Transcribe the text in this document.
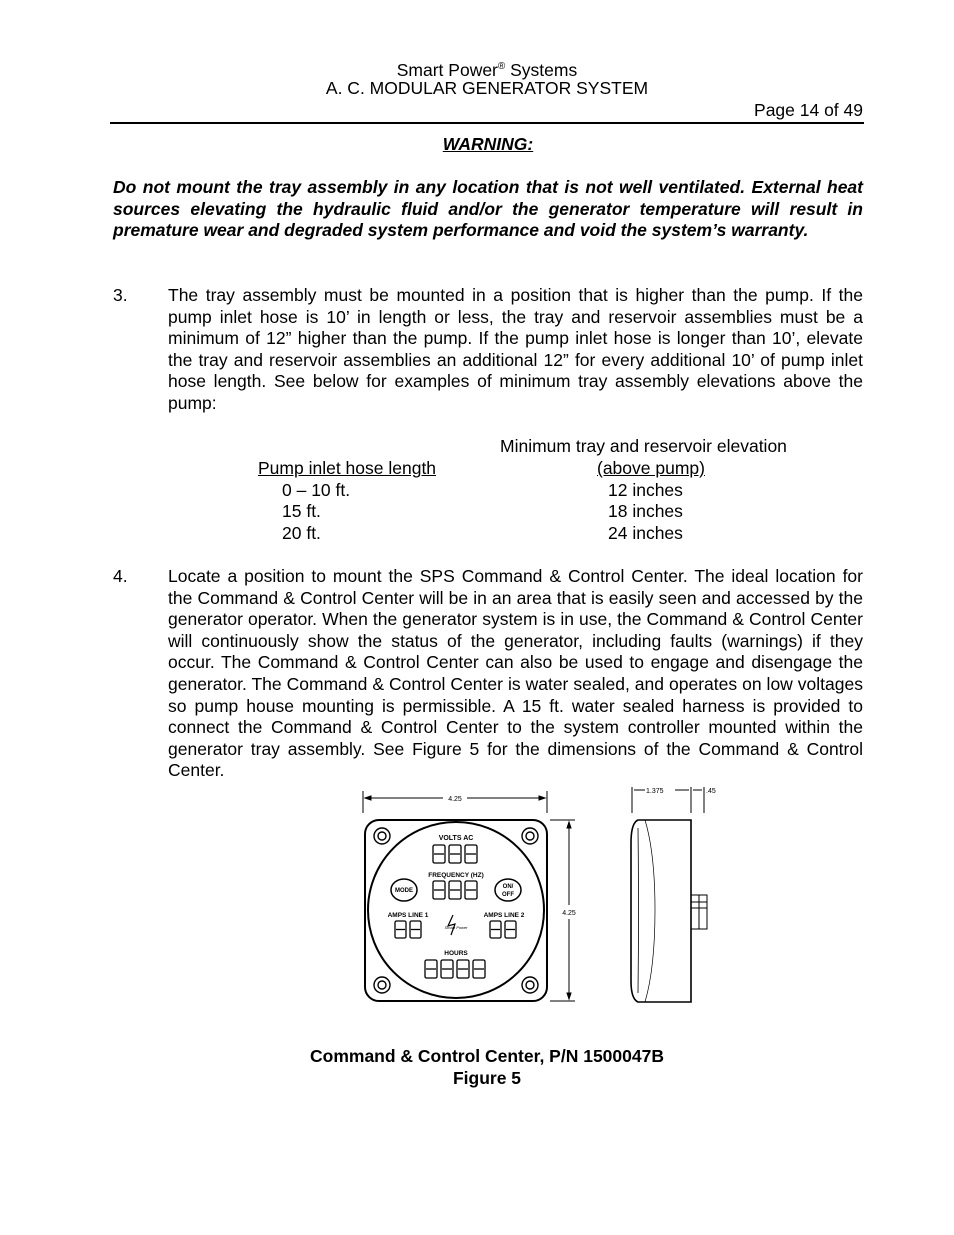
Smart Power® Systems
A. C. MODULAR GENERATOR SYSTEM
Page 14 of 49
WARNING:
Do not mount the tray assembly in any location that is not well ventilated. External heat sources elevating the hydraulic fluid and/or the generator temperature will result in premature wear and degraded system performance and void the system’s warranty.
3. The tray assembly must be mounted in a position that is higher than the pump. If the pump inlet hose is 10’ in length or less, the tray and reservoir assemblies must be a minimum of 12” higher than the pump. If the pump inlet hose is longer than 10’, elevate the tray and reservoir assemblies an additional 12” for every additional 10’ of pump inlet hose length. See below for examples of minimum tray assembly elevations above the pump:
Minimum tray and reservoir elevation
Pump inlet hose length	(above pump)
0 – 10 ft.	12 inches
15 ft.	18 inches
20 ft.	24 inches
4. Locate a position to mount the SPS Command & Control Center. The ideal location for the Command & Control Center will be in an area that is easily seen and accessed by the generator operator. When the generator system is in use, the Command & Control Center will continuously show the status of the generator, including faults (warnings) if they occur. The Command & Control Center can also be used to engage and disengage the generator. The Command & Control Center is water sealed, and operates on low voltages so pump house mounting is permissible. A 15 ft. water sealed harness is provided to connect the Command & Control Center to the system controller mounted within the generator tray assembly. See Figure 5 for the dimensions of the Command & Control Center.
4.25
4.25
VOLTS AC
FREQUENCY (HZ)
AMPS LINE 1	AMPS LINE 2
HOURS
MODE
ON/
OFF
Smart Power
1.375	.45
Command & Control Center, P/N 1500047B
Figure 5
